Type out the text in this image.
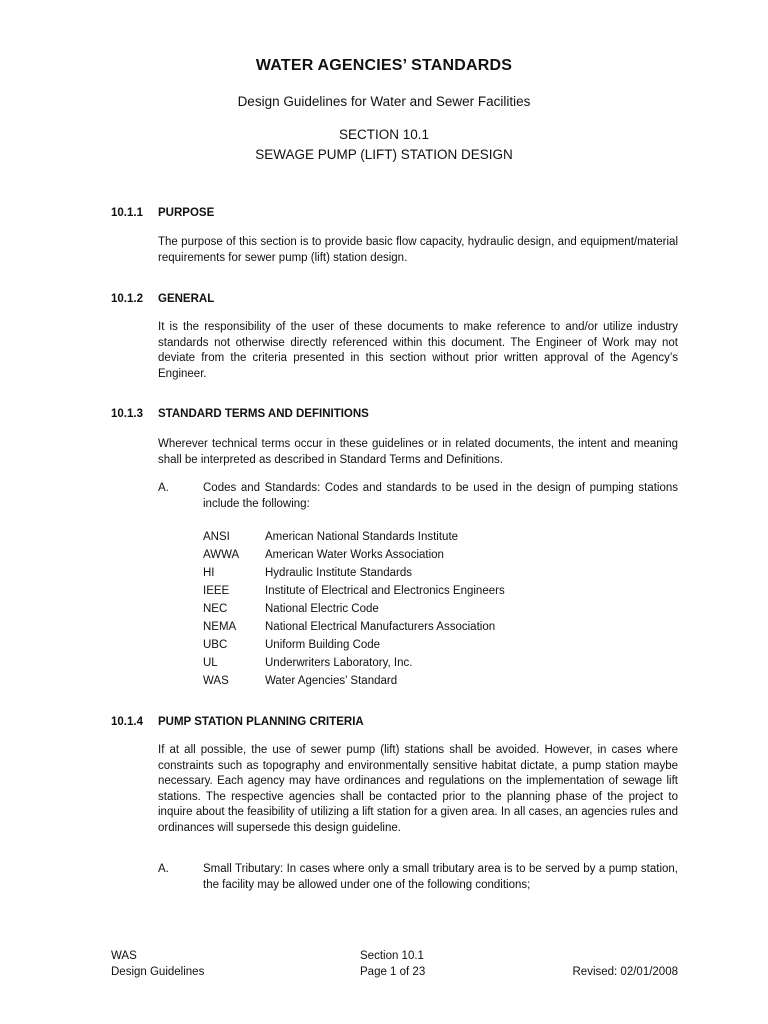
WATER AGENCIES’ STANDARDS
Design Guidelines for Water and Sewer Facilities
SECTION 10.1
SEWAGE PUMP (LIFT) STATION DESIGN
10.1.1 PURPOSE
The purpose of this section is to provide basic flow capacity, hydraulic design, and equipment/material requirements for sewer pump (lift) station design.
10.1.2 GENERAL
It is the responsibility of the user of these documents to make reference to and/or utilize industry standards not otherwise directly referenced within this document. The Engineer of Work may not deviate from the criteria presented in this section without prior written approval of the Agency’s Engineer.
10.1.3 STANDARD TERMS AND DEFINITIONS
Wherever technical terms occur in these guidelines or in related documents, the intent and meaning shall be interpreted as described in Standard Terms and Definitions.
A.	Codes and Standards: Codes and standards to be used in the design of pumping stations include the following:
ANSI	American National Standards Institute
AWWA American Water Works Association
HI	Hydraulic Institute Standards
IEEE	Institute of Electrical and Electronics Engineers
NEC	National Electric Code
NEMA	National Electrical Manufacturers Association
UBC	Uniform Building Code
UL	Underwriters Laboratory, Inc.
WAS	Water Agencies’ Standard
10.1.4 PUMP STATION PLANNING CRITERIA
If at all possible, the use of sewer pump (lift) stations shall be avoided. However, in cases where constraints such as topography and environmentally sensitive habitat dictate, a pump station maybe necessary. Each agency may have ordinances and regulations on the implementation of sewage lift stations. The respective agencies shall be contacted prior to the planning phase of the project to inquire about the feasibility of utilizing a lift station for a given area. In all cases, an agencies rules and ordinances will supersede this design guideline.
A.	Small Tributary: In cases where only a small tributary area is to be served by a pump station, the facility may be allowed under one of the following conditions;
WAS
Design Guidelines
Section 10.1
Page 1 of 23
	Revised: 02/01/2008
